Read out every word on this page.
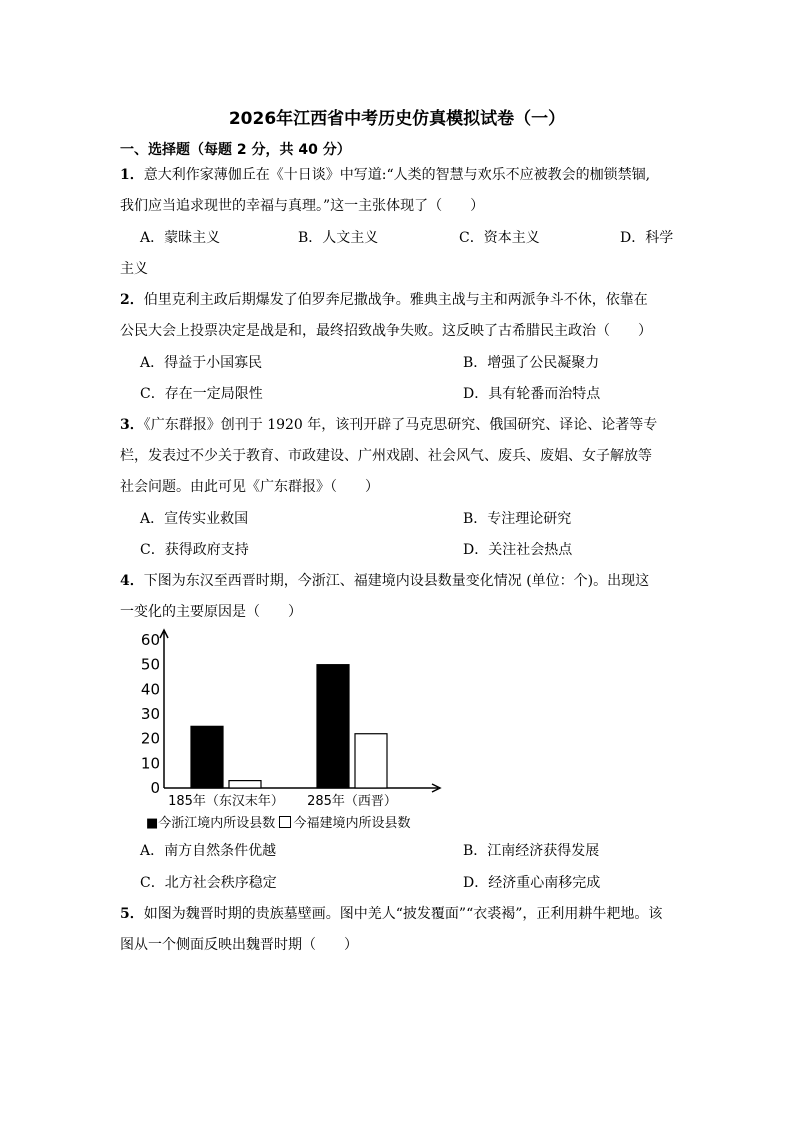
2026年江西省中考历史仿真模拟试卷（一）
一、选择题（每题 2 分，共 40 分）
1．意大利作家薄伽丘在《十日谈》中写道:“人类的智慧与欢乐不应被教会的枷锁禁锢,
我们应当追求现世的幸福与真理。”这一主张体现了（　　）
A．蒙昧主义	B．人文主义	C．资本主义	D．科学
主义
2．伯里克利主政后期爆发了伯罗奔尼撒战争。雅典主战与主和两派争斗不休，依靠在
公民大会上投票决定是战是和，最终招致战争失败。这反映了古希腊民主政治（　　）
A．得益于小国寡民	B．增强了公民凝聚力
C．存在一定局限性	D．具有轮番而治特点
3．《广东群报》创刊于 1920 年，该刊开辟了马克思研究、俄国研究、译论、论著等专
栏，发表过不少关于教育、市政建设、广州戏剧、社会风气、废兵、废娼、女子解放等
社会问题。由此可见《广东群报》（　　）
A．宣传实业救国	B．专注理论研究
C．获得政府支持	D．关注社会热点
4．下图为东汉至西晋时期，今浙江、福建境内设县数量变化情况 (单位：个)。出现这
一变化的主要原因是（　　）
0
10
20
30
40
50
60
185年（东汉末年） 285年（西晋）
■今浙江境内所设县数 今福建境内所设县数
A．南方自然条件优越	B．江南经济获得发展
C．北方社会秩序稳定	D．经济重心南移完成
5．如图为魏晋时期的贵族墓壁画。图中羌人“披发覆面”“衣裘褐”，正利用耕牛耙地。该
图从一个侧面反映出魏晋时期（　　）
